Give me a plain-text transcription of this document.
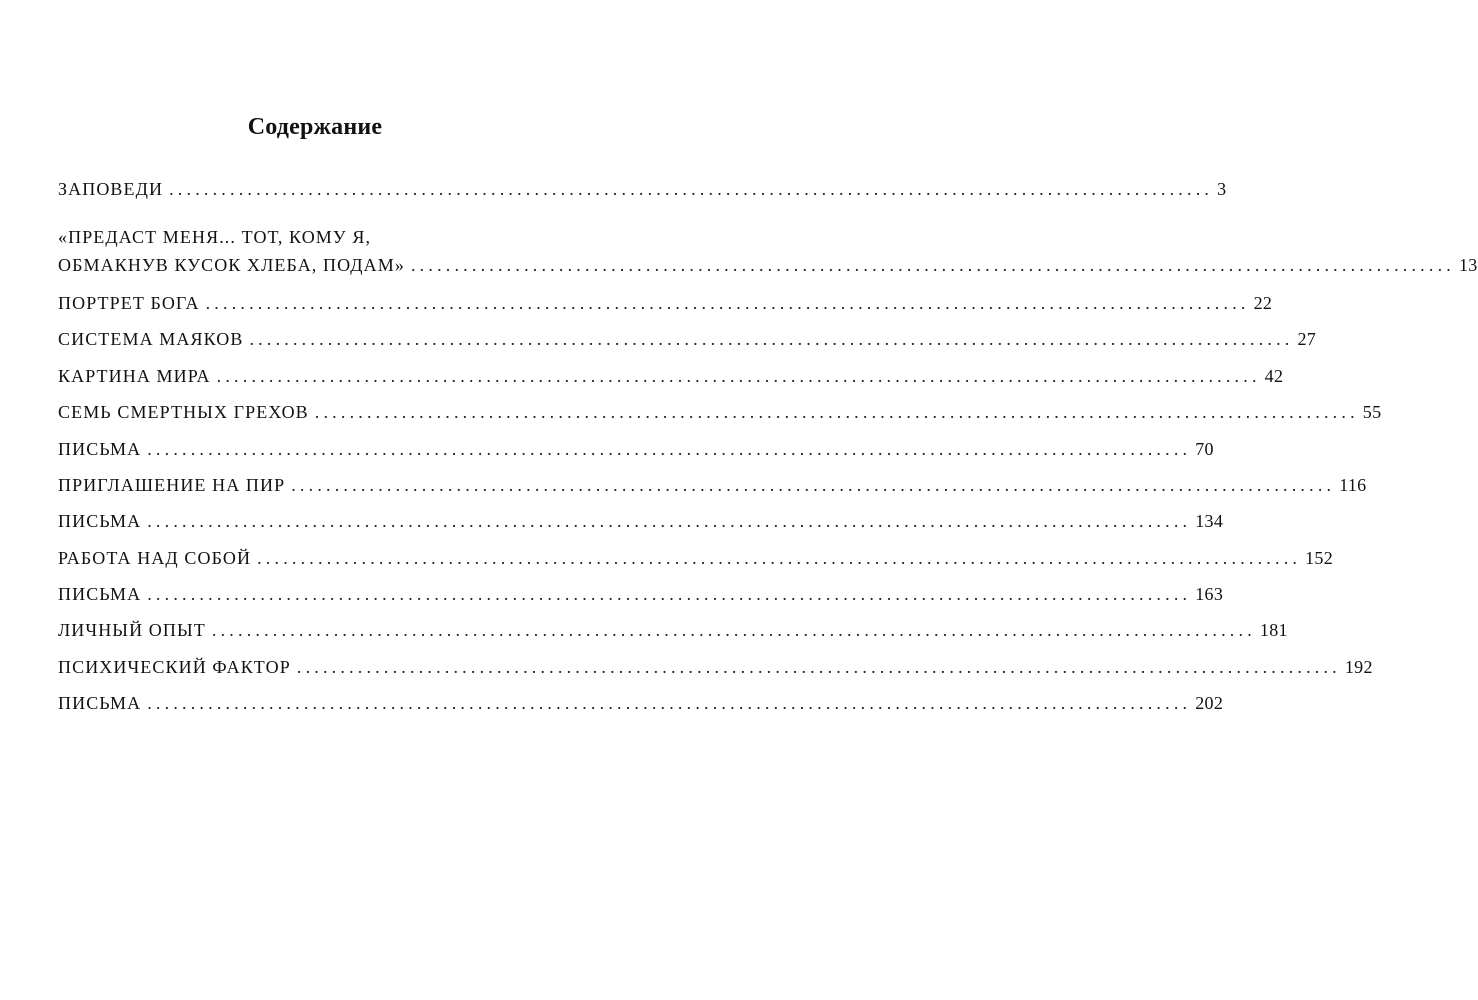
Содержание
ЗАПОВЕДИ ........................................................................................................................ 3
«ПРЕДАСТ МЕНЯ... ТОТ, КОМУ Я,
ОБМАКНУВ КУСОК ХЛЕБА, ПОДАМ» ........................................................................................................................ 13
ПОРТРЕТ БОГА ........................................................................................................................ 22
СИСТЕМА МАЯКОВ ........................................................................................................................ 27
КАРТИНА МИРА ........................................................................................................................ 42
СЕМЬ СМЕРТНЫХ ГРЕХОВ ........................................................................................................................ 55
ПИСЬМА ........................................................................................................................ 70
ПРИГЛАШЕНИЕ НА ПИР ........................................................................................................................ 116
ПИСЬМА ........................................................................................................................ 134
РАБОТА НАД СОБОЙ ........................................................................................................................ 152
ПИСЬМА ........................................................................................................................ 163
ЛИЧНЫЙ ОПЫТ ........................................................................................................................ 181
ПСИХИЧЕСКИЙ ФАКТОР ........................................................................................................................ 192
ПИСЬМА ........................................................................................................................ 202
